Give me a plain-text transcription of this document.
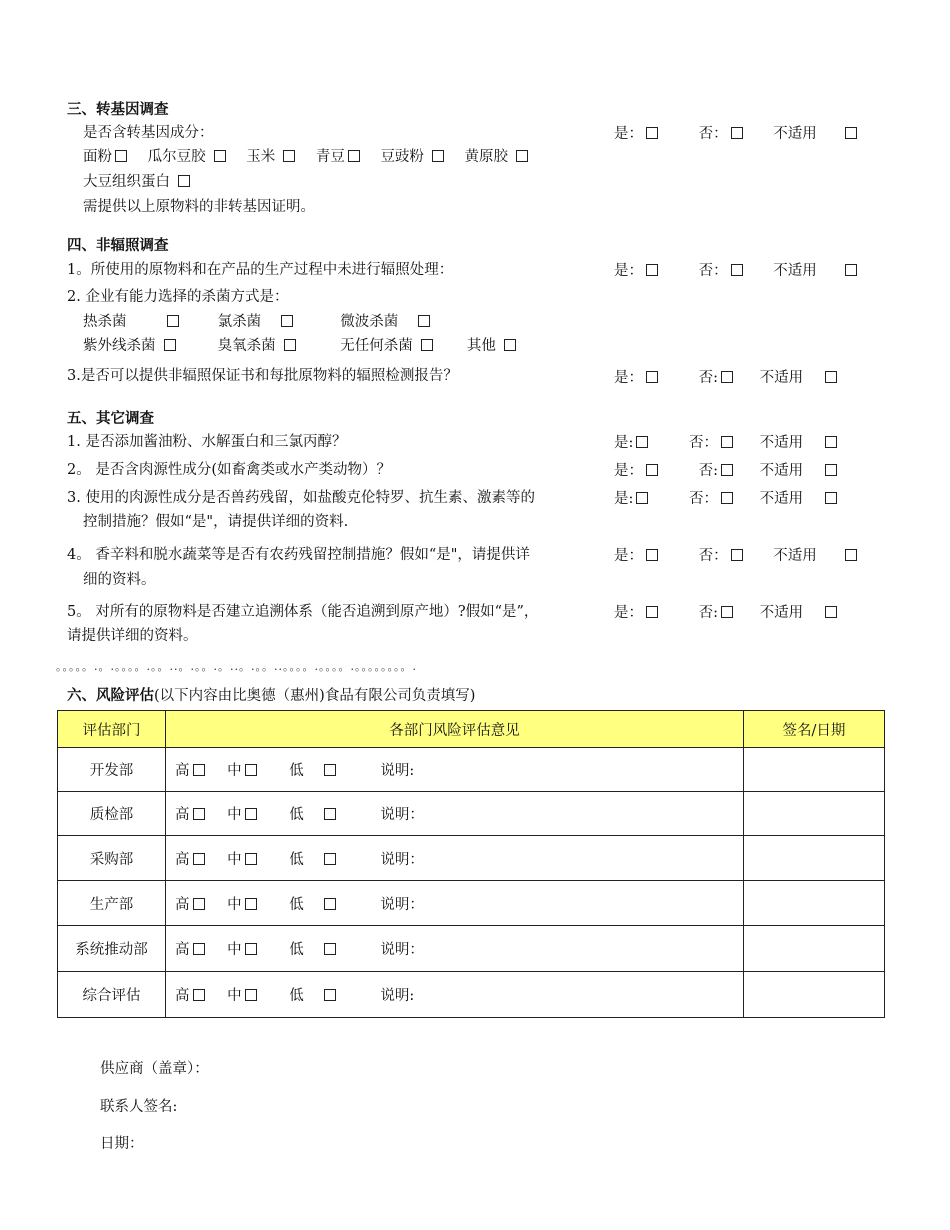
三、转基因调查
是否含转基因成分：	是：	否：	不适用
面粉 瓜尔豆胶	玉米	青豆 豆豉粉	黄原胶
大豆组织蛋白
需提供以上原物料的非转基因证明。
四、非辐照调查
1。所使用的原物料和在产品的生产过程中未进行辐照处理：	是：	否：	不适用
2. 企业有能力选择的杀菌方式是：
热杀菌	氯杀菌	微波杀菌
紫外线杀菌	臭氧杀菌	无任何杀菌	其他
3.是否可以提供非辐照保证书和每批原物料的辐照检测报告？	是：	否:	不适用
五、其它调查
1. 是否添加酱油粉、水解蛋白和三氯丙醇？	是:	否：	不适用
2。 是否含肉源性成分(如畜禽类或水产类动物）？	是：	否:	不适用
3. 使用的肉源性成分是否兽药残留，如盐酸克伦特罗、抗生素、激素等的
控制措施？假如“是"，请提供详细的资料.
是:	否：	不适用
4。 香辛料和脱水蔬菜等是否有农药残留控制措施？假如“是"，请提供详
细的资料。
是：	否：	不适用
5。 对所有的原物料是否建立追溯体系（能否追溯到原产地）?假如“是”，
请提供详细的资料。
是：	否:	不适用
。。。。。.。.。。。。.。。..。.。。.。..。.。。..。。。。.。。。。.。。。。。。。。.
六、风险评估(以下内容由比奥德（惠州)食品有限公司负责填写)
评估部门	各部门风险评估意见	签名/日期
开发部	高 中 低 说明:	
质检部	高 中 低 说明：	
采购部	高 中 低 说明：	
生产部	高 中 低 说明：	
系统推动部	高 中 低 说明：	
综合评估	高 中 低 说明:	
供应商（盖章）：
联系人签名:
日期：
